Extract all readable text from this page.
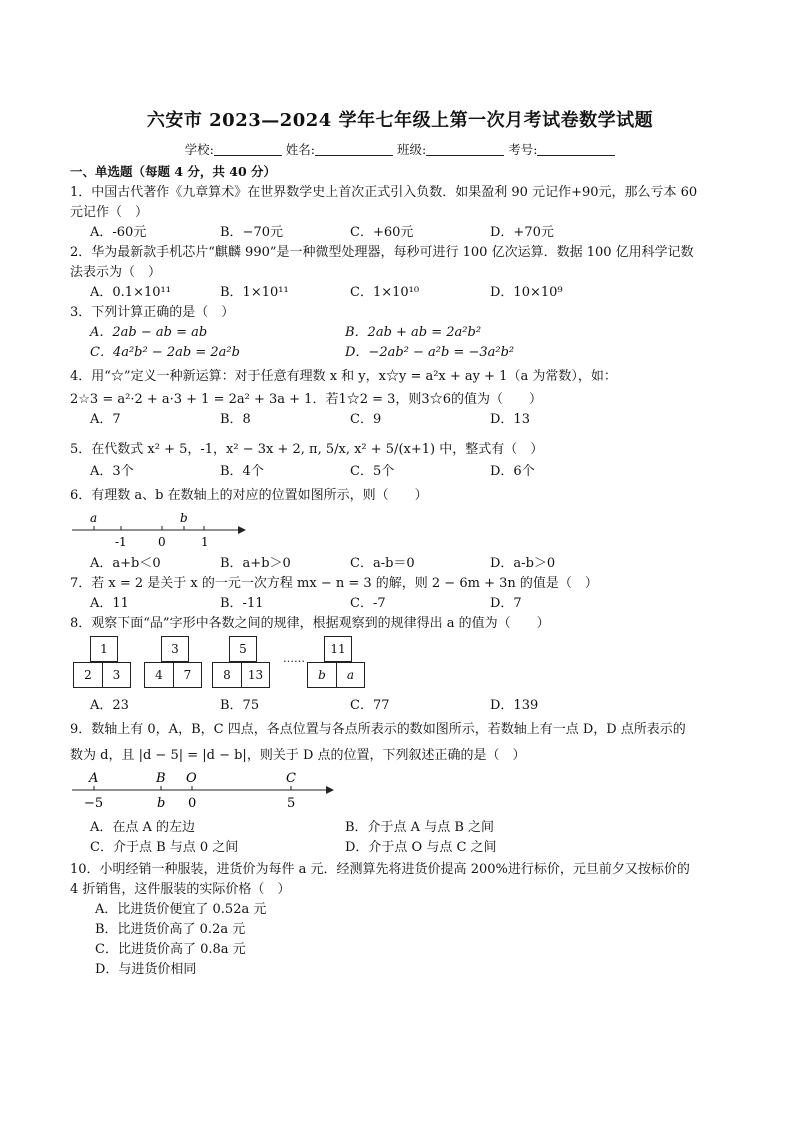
六安市 2023—2024 学年七年级上第一次月考试卷数学试题
学校:	姓名:	班级:	考号:
一、单选题（每题 4 分，共 40 分）

1．中国古代著作《九章算术》在世界数学史上首次正式引入负数．如果盈利 90 元记作+90元，那么亏本 60

元记作（　）

A．-60元	B．−70元	C．+60元	D．+70元

2．华为最新款手机芯片“麒麟 990”是一种微型处理器，每秒可进行 100 亿次运算．数据 100 亿用科学记数

法表示为（　）

A．0.1×10¹¹	B．1×10¹¹	C．1×10¹⁰	D．10×10⁹

3．下列计算正确的是（　）

A．2ab − ab = ab	B．2ab + ab = 2a²b²
C．4a²b² − 2ab = 2a²b	D．−2ab² − a²b = −3a²b²

4．用“☆”定义一种新运算：对于任意有理数 x 和 y，x☆y = a²x + ay + 1（a 为常数），如：

2☆3 = a²·2 + a·3 + 1 = 2a² + 3a + 1．若1☆2 = 3，则3☆6的值为（　　）

A．7	B．8	C．9	D．13

5．在代数式 x² + 5，-1，x² − 3x + 2, π, 5/x, x² + 5/(x+1) 中，整式有（　）

A．3个	B．4个	C．5个	D．6个

6．有理数 a、b 在数轴上的对应的位置如图所示，则（　　）

a	b
-1	0	1
A．a+b＜0	B．a+b＞0	C．a-b＝0	D．a-b＞0

7．若 x = 2 是关于 x 的一元一次方程 mx − n = 3 的解，则 2 − 6m + 3n 的值是（　）

A．11	B．-11	C．-7	D．7

8．观察下面“品”字形中各数之间的规律，根据观察到的规律得出 a 的值为（　　）

1
2	3
3
4	7
5
8	13
……
11
b	a
A．23	B．75	C．77	D．139

9．数轴上有 0，A，B，C 四点，各点位置与各点所表示的数如图所示，若数轴上有一点 D，D 点所表示的

数为 d，且 |d − 5| = |d − b|，则关于 D 点的位置，下列叙述正确的是（　）

A	B O	C
−5	b 0	5
A．在点 A 的左边	B．介于点 A 与点 B 之间
C．介于点 B 与点 0 之间	D．介于点 O 与点 C 之间

10．小明经销一种服装，进货价为每件 a 元．经测算先将进货价提高 200%进行标价，元旦前夕又按标价的

4 折销售，这件服装的实际价格（　）

A．比进货价便宜了 0.52a 元
B．比进货价高了 0.2a 元
C．比进货价高了 0.8a 元
D．与进货价相同
